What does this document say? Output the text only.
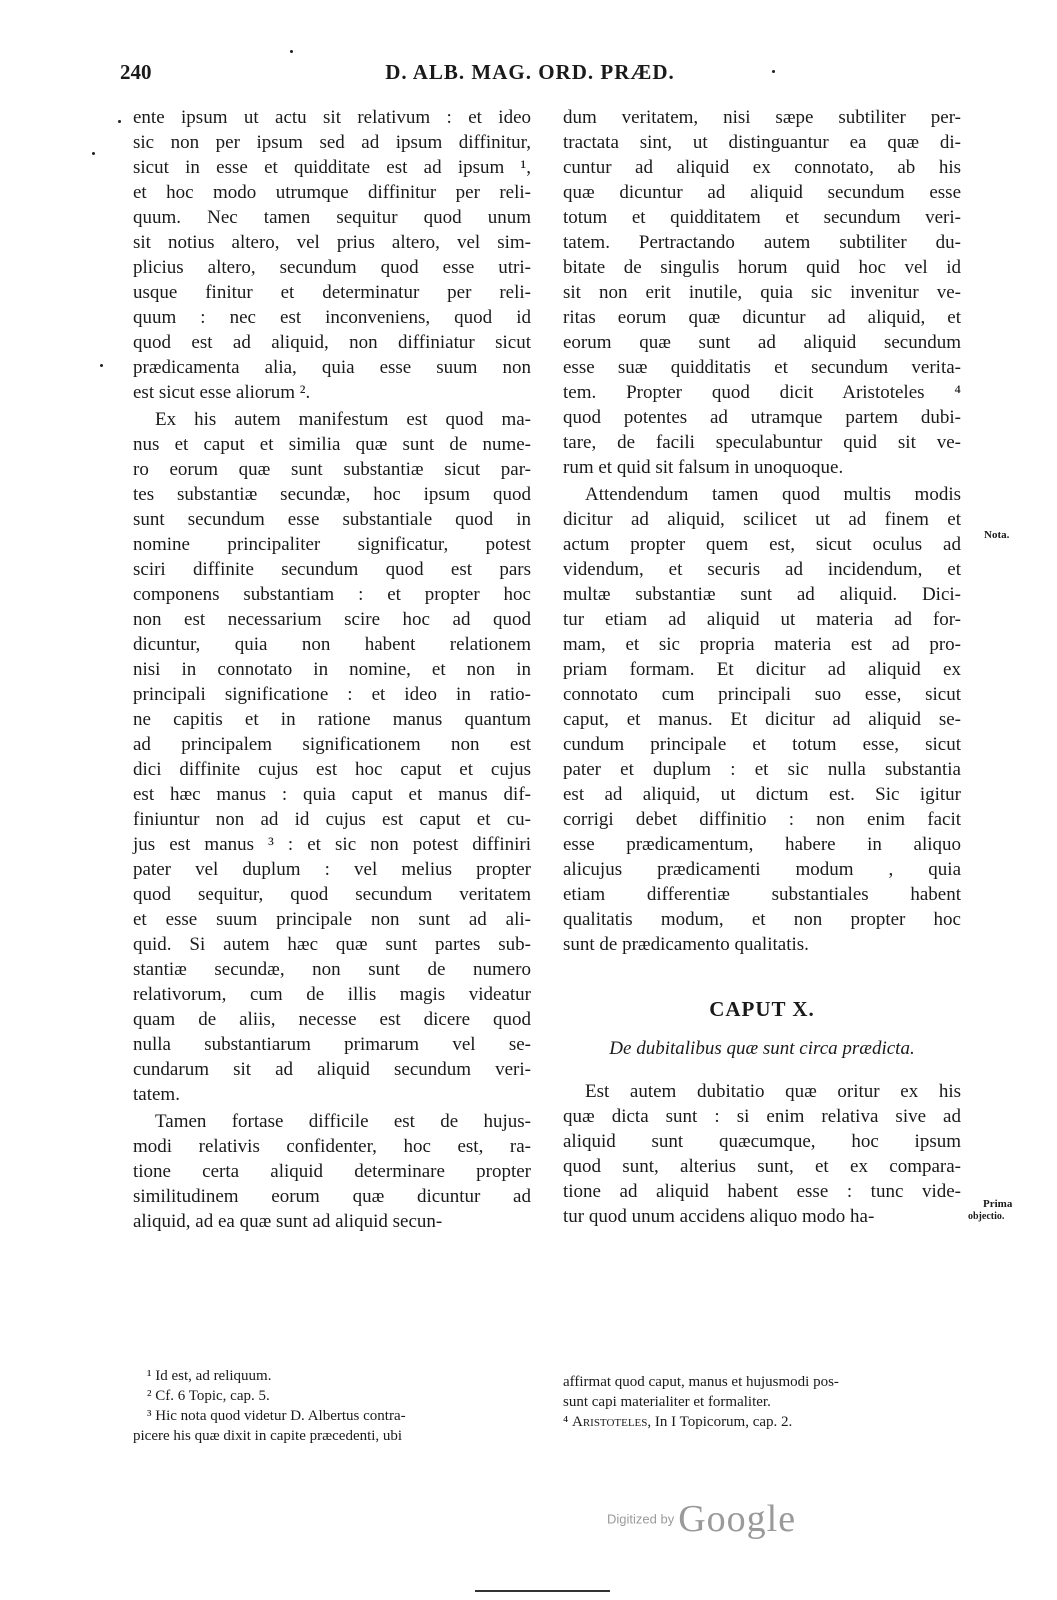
240	D. ALB. MAG. ORD. PRÆD.

ente ipsum ut actu sit relativum : et ideo
sic non per ipsum sed ad ipsum diffinitur,
sicut in esse et quidditate est ad ipsum ¹,
et hoc modo utrumque diffinitur per reli-
quum. Nec tamen sequitur quod unum
sit notius altero, vel prius altero, vel sim-
plicius altero, secundum quod esse utri-
usque finitur et determinatur per reli-
quum : nec est inconveniens, quod id
quod est ad aliquid, non diffiniatur sicut
prædicamenta alia, quia esse suum non
est sicut esse aliorum ².

Ex his autem manifestum est quod ma-
nus et caput et similia quæ sunt de nume-
ro eorum quæ sunt substantiæ sicut par-
tes substantiæ secundæ, hoc ipsum quod
sunt secundum esse substantiale quod in
nomine principaliter significatur, potest
sciri diffinite secundum quod est pars
componens substantiam : et propter hoc
non est necessarium scire hoc ad quod
dicuntur, quia non habent relationem
nisi in connotato in nomine, et non in
principali significatione : et ideo in ratio-
ne capitis et in ratione manus quantum
ad principalem significationem non est
dici diffinite cujus est hoc caput et cujus
est hæc manus : quia caput et manus dif-
finiuntur non ad id cujus est caput et cu-
jus est manus ³ : et sic non potest diffiniri
pater vel duplum : vel melius propter
quod sequitur, quod secundum veritatem
et esse suum principale non sunt ad ali-
quid. Si autem hæc quæ sunt partes sub-
stantiæ secundæ, non sunt de numero
relativorum, cum de illis magis videatur
quam de aliis, necesse est dicere quod
nulla substantiarum primarum vel se-
cundarum sit ad aliquid secundum veri-
tatem.

Tamen fortase difficile est de hujus-
modi relativis confidenter, hoc est, ra-
tione certa aliquid determinare propter
similitudinem eorum quæ dicuntur ad
aliquid, ad ea quæ sunt ad aliquid secun-

dum veritatem, nisi sæpe subtiliter per-
tractata sint, ut distinguantur ea quæ di-
cuntur ad aliquid ex connotato, ab his
quæ dicuntur ad aliquid secundum esse
totum et quidditatem et secundum veri-
tatem. Pertractando autem subtiliter du-
bitate de singulis horum quid hoc vel id
sit non erit inutile, quia sic invenitur ve-
ritas eorum quæ dicuntur ad aliquid, et
eorum quæ sunt ad aliquid secundum
esse suæ quidditatis et secundum verita-
tem. Propter quod dicit Aristoteles ⁴
quod potentes ad utramque partem dubi-
tare, de facili speculabuntur quid sit ve-
rum et quid sit falsum in unoquoque.

Attendendum tamen quod multis modis
dicitur ad aliquid, scilicet ut ad finem et
actum propter quem est, sicut oculus ad
videndum, et securis ad incidendum, et
multæ substantiæ sunt ad aliquid. Dici-
tur etiam ad aliquid ut materia ad for-
mam, et sic propria materia est ad pro-
priam formam. Et dicitur ad aliquid ex
connotato cum principali suo esse, sicut
caput, et manus. Et dicitur ad aliquid se-
cundum principale et totum esse, sicut
pater et duplum : et sic nulla substantia
est ad aliquid, ut dictum est. Sic igitur
corrigi debet diffinitio : non enim facit
esse prædicamentum, habere in aliquo
alicujus prædicamenti modum , quia
etiam differentiæ substantiales habent
qualitatis modum, et non propter hoc
sunt de prædicamento qualitatis.

CAPUT X.
De dubitalibus quæ sunt circa prædicta.

Est autem dubitatio quæ oritur ex his
quæ dicta sunt : si enim relativa sive ad
aliquid sunt quæcumque, hoc ipsum
quod sunt, alterius sunt, et ex compara-
tione ad aliquid habent esse : tunc vide-
tur quod unum accidens aliquo modo ha-

Nota.
Prima
objectio.
¹ Id est, ad reliquum.
² Cf. 6 Topic, cap. 5.
³ Hic nota quod videtur D. Albertus contra-
picere his quæ dixit in capite præcedenti, ubi
affirmat quod caput, manus et hujusmodi pos-
sunt capi materialiter et formaliter.
⁴ Aristoteles, In I Topicorum, cap. 2.
Digitized by Google
